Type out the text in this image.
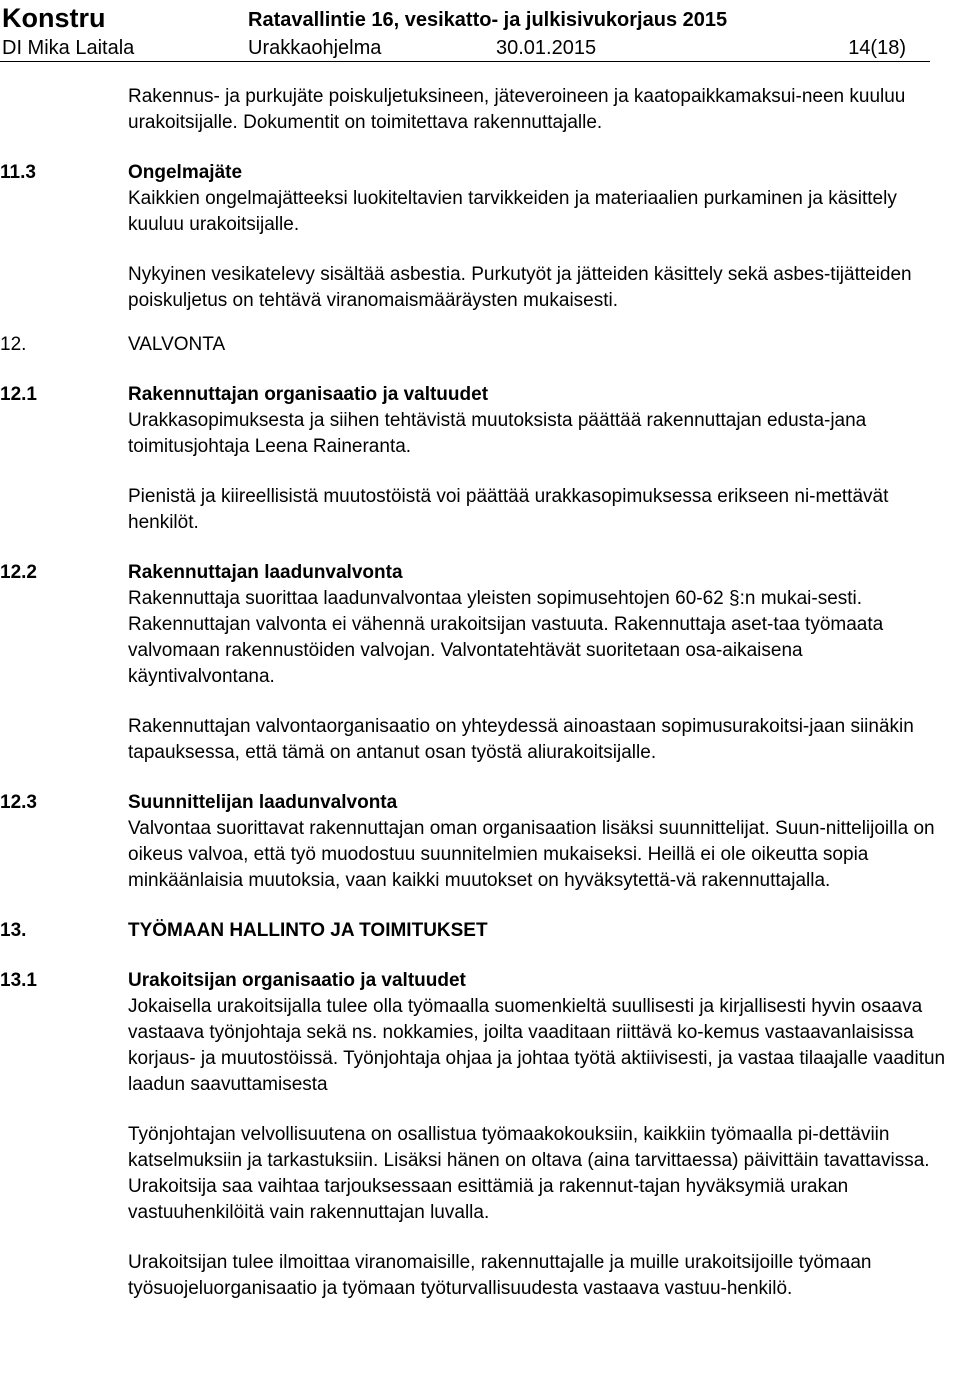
Konstru	Ratavallintie 16, vesikatto- ja julkisivukorjaus 2015
DI Mika Laitala	Urakkaohjelma	30.01.2015	14(18)

Rakennus- ja purkujäte poiskuljetuksineen, jäteveroineen ja kaatopaikkamaksui-neen kuuluu urakoitsijalle. Dokumentit on toimitettava rakennuttajalle.

11.3	Ongelmajäte

Kaikkien ongelmajätteeksi luokiteltavien tarvikkeiden ja materiaalien purkaminen ja käsittely kuuluu urakoitsijalle.

Nykyinen vesikatelevy sisältää asbestia. Purkutyöt ja jätteiden käsittely sekä asbes-tijätteiden poiskuljetus on tehtävä viranomaismääräysten mukaisesti.

12.	VALVONTA

12.1	Rakennuttajan organisaatio ja valtuudet

Urakkasopimuksesta ja siihen tehtävistä muutoksista päättää rakennuttajan edusta-jana toimitusjohtaja Leena Raineranta.

Pienistä ja kiireellisistä muutostöistä voi päättää urakkasopimuksessa erikseen ni-mettävät henkilöt.

12.2	Rakennuttajan laadunvalvonta

Rakennuttaja suorittaa laadunvalvontaa yleisten sopimusehtojen 60-62 §:n mukai-sesti. Rakennuttajan valvonta ei vähennä urakoitsijan vastuuta. Rakennuttaja aset-taa työmaata valvomaan rakennustöiden valvojan. Valvontatehtävät suoritetaan osa-aikaisena käyntivalvontana.

Rakennuttajan valvontaorganisaatio on yhteydessä ainoastaan sopimusurakoitsi-jaan siinäkin tapauksessa, että tämä on antanut osan työstä aliurakoitsijalle.

12.3	Suunnittelijan laadunvalvonta

Valvontaa suorittavat rakennuttajan oman organisaation lisäksi suunnittelijat. Suun-nittelijoilla on oikeus valvoa, että työ muodostuu suunnitelmien mukaiseksi. Heillä ei ole oikeutta sopia minkäänlaisia muutoksia, vaan kaikki muutokset on hyväksytettä-vä rakennuttajalla.

13.	TYÖMAAN HALLINTO JA TOIMITUKSET

13.1	Urakoitsijan organisaatio ja valtuudet

Jokaisella urakoitsijalla tulee olla työmaalla suomenkieltä suullisesti ja kirjallisesti hyvin osaava vastaava työnjohtaja sekä ns. nokkamies, joilta vaaditaan riittävä ko-kemus vastaavanlaisissa korjaus- ja muutostöissä. Työnjohtaja ohjaa ja johtaa työtä aktiivisesti, ja vastaa tilaajalle vaaditun laadun saavuttamisesta

Työnjohtajan velvollisuutena on osallistua työmaakokouksiin, kaikkiin työmaalla pi-dettäviin katselmuksiin ja tarkastuksiin. Lisäksi hänen on oltava (aina tarvittaessa) päivittäin tavattavissa. Urakoitsija saa vaihtaa tarjouksessaan esittämiä ja rakennut-tajan hyväksymiä urakan vastuuhenkilöitä vain rakennuttajan luvalla.

Urakoitsijan tulee ilmoittaa viranomaisille, rakennuttajalle ja muille urakoitsijoille työmaan työsuojeluorganisaatio ja työmaan työturvallisuudesta vastaava vastuu-henkilö.
